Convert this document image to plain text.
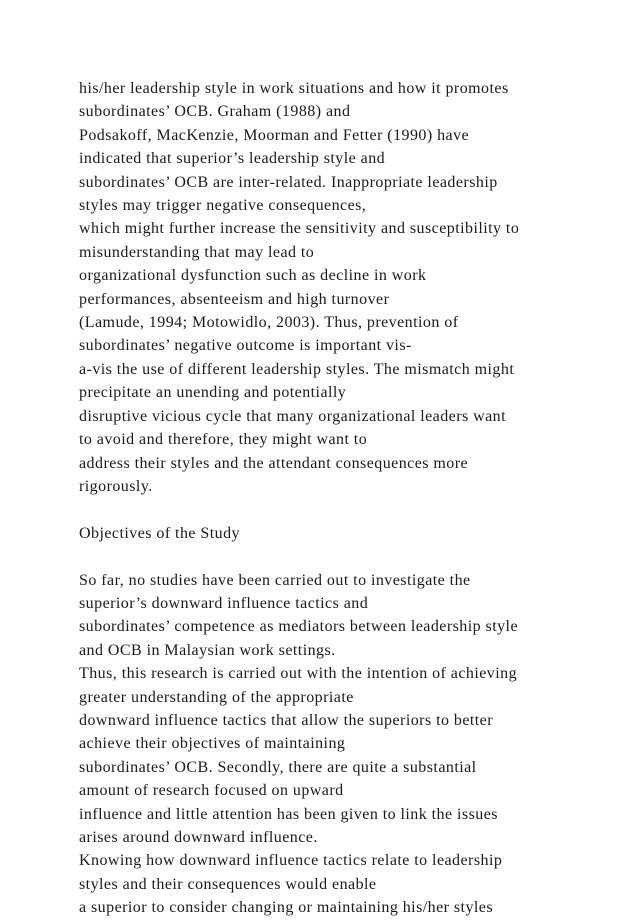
his/her leadership style in work situations and how it promotes
subordinates’ OCB. Graham (1988) and
Podsakoff, MacKenzie, Moorman and Fetter (1990) have
indicated that superior’s leadership style and
subordinates’ OCB are inter-related. Inappropriate leadership
styles may trigger negative consequences,
which might further increase the sensitivity and susceptibility to
misunderstanding that may lead to
organizational dysfunction such as decline in work
performances, absenteeism and high turnover
(Lamude, 1994; Motowidlo, 2003). Thus, prevention of
subordinates’ negative outcome is important vis-
a-vis the use of different leadership styles. The mismatch might
precipitate an unending and potentially
disruptive vicious cycle that many organizational leaders want
to avoid and therefore, they might want to
address their styles and the attendant consequences more
rigorously.
Objectives of the Study
So far, no studies have been carried out to investigate the
superior’s downward influence tactics and
subordinates’ competence as mediators between leadership style
and OCB in Malaysian work settings.
Thus, this research is carried out with the intention of achieving
greater understanding of the appropriate
downward influence tactics that allow the superiors to better
achieve their objectives of maintaining
subordinates’ OCB. Secondly, there are quite a substantial
amount of research focused on upward
influence and little attention has been given to link the issues
arises around downward influence.
Knowing how downward influence tactics relate to leadership
styles and their consequences would enable
a superior to consider changing or maintaining his/her styles
